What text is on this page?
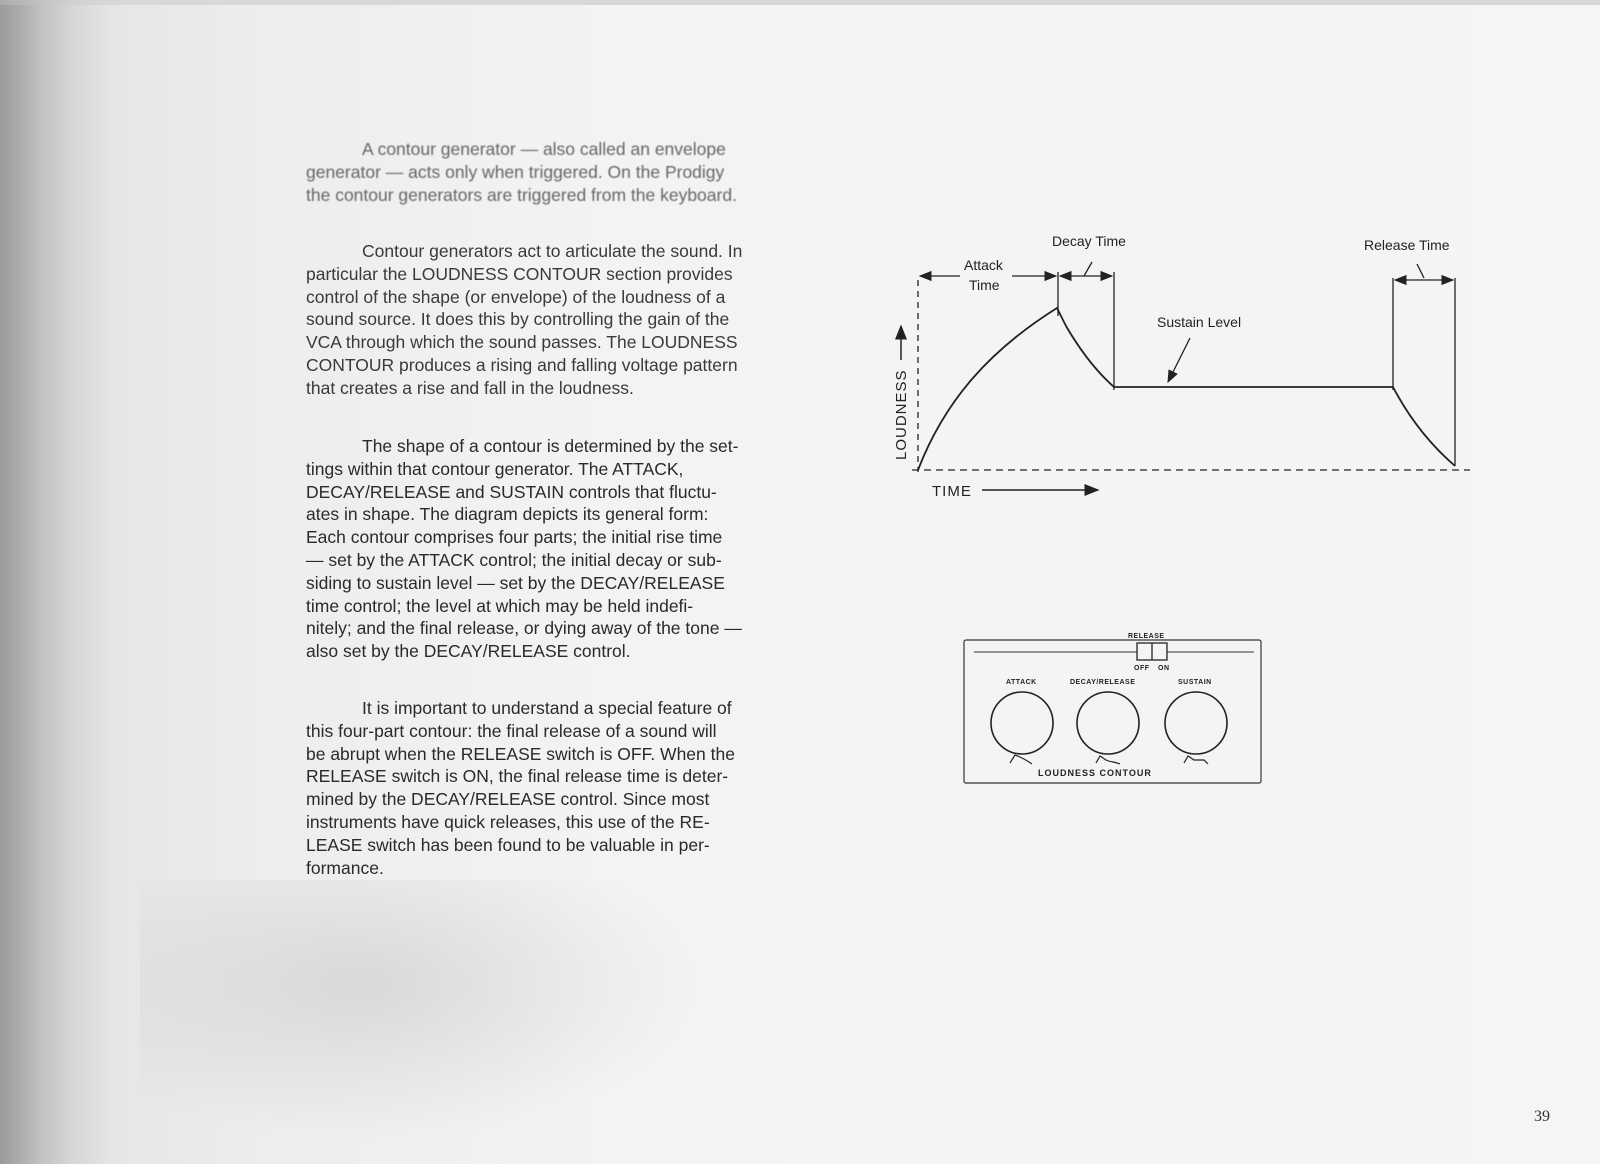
A contour generator — also called an envelope
generator — acts only when triggered. On the Prodigy
the contour generators are triggered from the keyboard.

Contour generators act to articulate the sound. In
particular the LOUDNESS CONTOUR section provides
control of the shape (or envelope) of the loudness of a
sound source. It does this by controlling the gain of the
VCA through which the sound passes. The LOUDNESS
CONTOUR produces a rising and falling voltage pattern
that creates a rise and fall in the loudness.

The shape of a contour is determined by the set-
tings within that contour generator. The ATTACK,
DECAY/RELEASE and SUSTAIN controls that fluctu-
ates in shape. The diagram depicts its general form:
Each contour comprises four parts; the initial rise time
— set by the ATTACK control; the initial decay or sub-
siding to sustain level — set by the DECAY/RELEASE
time control; the level at which may be held indefi-
nitely; and the final release, or dying away of the tone —
also set by the DECAY/RELEASE control.

It is important to understand a special feature of
this four-part contour: the final release of a sound will
be abrupt when the RELEASE switch is OFF. When the
RELEASE switch is ON, the final release time is deter-
mined by the DECAY/RELEASE control. Since most
instruments have quick releases, this use of the RE-
LEASE switch has been found to be valuable in per-
formance.

Decay Time	Release Time
Attack
Time
Sustain Level
LOUDNESS
TIME
RELEASE
OFF ON
ATTACK	DECAY/RELEASE	SUSTAIN
LOUDNESS CONTOUR
39
